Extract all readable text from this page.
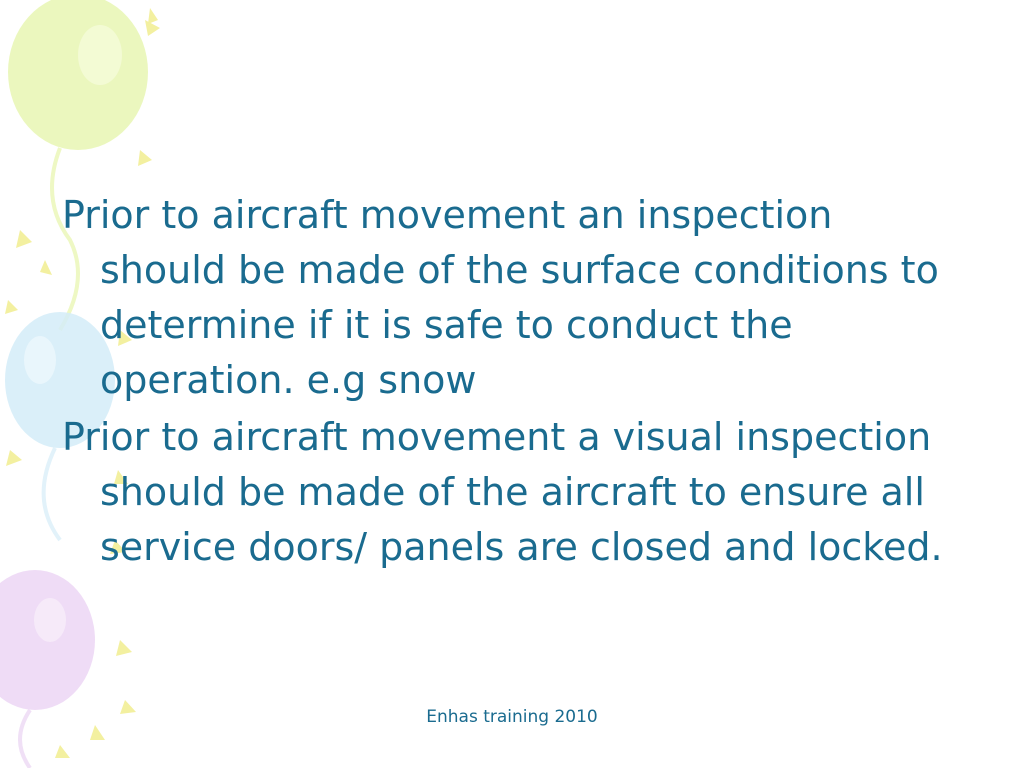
Prior to aircraft movement an inspection should be made of the surface conditions to determine if it is safe to conduct the operation. e.g snow

Prior to aircraft movement a visual inspection should be made of the aircraft to ensure all service doors/ panels are closed and locked.

Enhas training 2010
